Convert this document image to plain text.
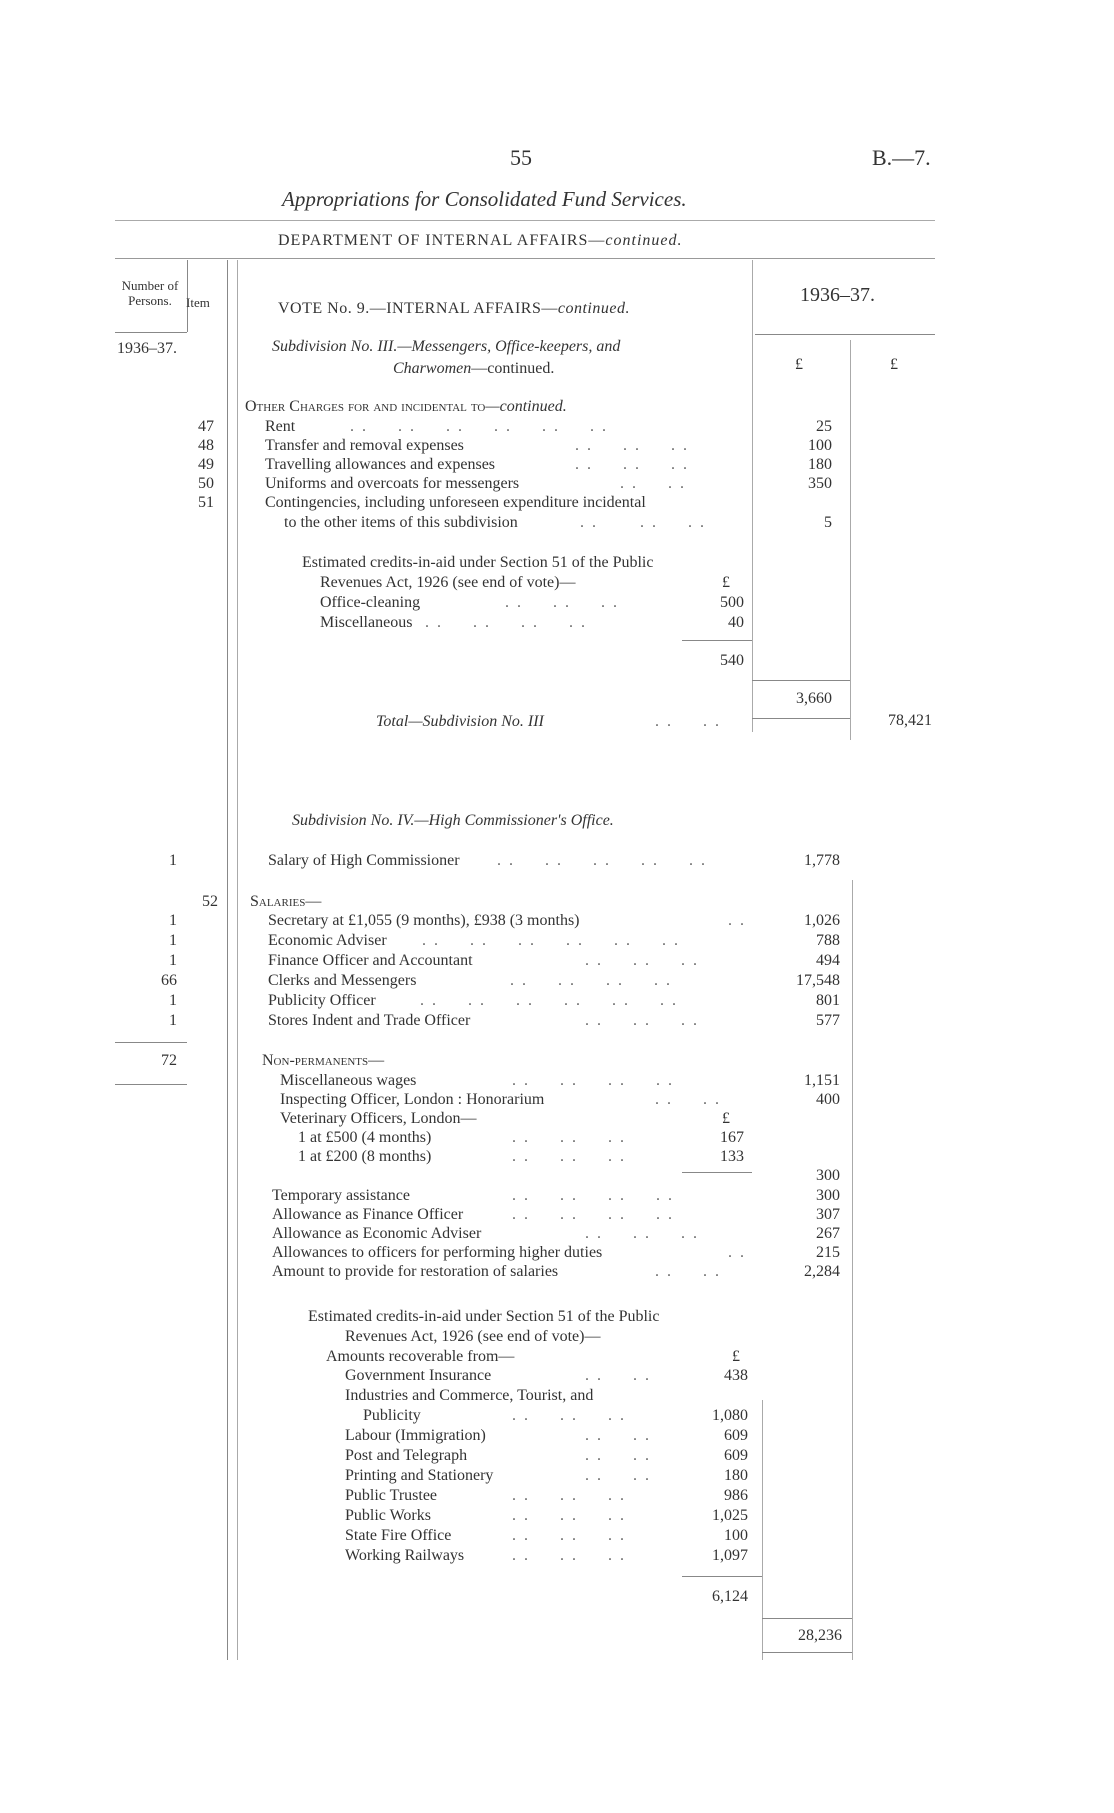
55	B.—7.
Appropriations for Consolidated Fund Services.
DEPARTMENT OF INTERNAL AFFAIRS—continued.
Number of Persons.	Item
1936–37.
1936–37.
£	£
VOTE No. 9.—INTERNAL AFFAIRS—continued.
Subdivision No. III.—Messengers, Office-keepers, and
Charwomen—continued.
Other Charges for and incidental to—continued.
47	Rent	. .     . .     . .     . .     . .     . .	25
48	Transfer and removal expenses	. .     . .     . .	100
49	Travelling allowances and expenses	. .     . .     . .	180
50	Uniforms and overcoats for messengers	. .     . .	350
51	Contingencies, including unforeseen expenditure incidental
to the other items of this subdivision	. .       . .     . .	5
Estimated credits-in-aid under Section 51 of the Public
Revenues Act, 1926 (see end of vote)—	£
Office-cleaning	. .     . .     . .	500
Miscellaneous . .     . .     . .     . .	40
540
3,660
Total—Subdivision No. III	. .     . .	78,421
Subdivision No. IV.—High Commissioner's Office.
1	Salary of High Commissioner . .     . .     . .     . .     . .	1,778
52 Salaries—
1	Secretary at £1,055 (9 months), £938 (3 months)	. .	1,026
1	Economic Adviser . .     . .     . .     . .     . .     . .	788
1	Finance Officer and Accountant	. .     . .     . .	494
66	Clerks and Messengers	. .     . .     . .     . .	17,548
1	Publicity Officer	. .     . .     . .     . .     . .     . .	801
1	Stores Indent and Trade Officer	. .     . .     . .	577
72	Non-permanents—
Miscellaneous wages	. .     . .     . .     . .	1,151
Inspecting Officer, London : Honorarium	. .     . .	400
Veterinary Officers, London—	£
1 at £500 (4 months)	. .     . .     . .	167
1 at £200 (8 months)	. .     . .     . .	133
300
Temporary assistance	. .     . .     . .     . .	300
Allowance as Finance Officer	. .     . .     . .     . .	307
Allowance as Economic Adviser	. .     . .     . .	267
Allowances to officers for performing higher duties	. .	215
Amount to provide for restoration of salaries	. .     . .	2,284
Estimated credits-in-aid under Section 51 of the Public
Revenues Act, 1926 (see end of vote)—
Amounts recoverable from—	£
Government Insurance	. .     . .	438
Industries and Commerce, Tourist, and
Publicity	. .     . .     . .	1,080
Labour (Immigration)	. .     . .	609
Post and Telegraph	. .     . .	609
Printing and Stationery	. .     . .	180
Public Trustee	. .     . .     . .	986
Public Works	. .     . .     . .	1,025
State Fire Office	. .     . .     . .	100
Working Railways	. .     . .     . .	1,097
6,124
28,236
